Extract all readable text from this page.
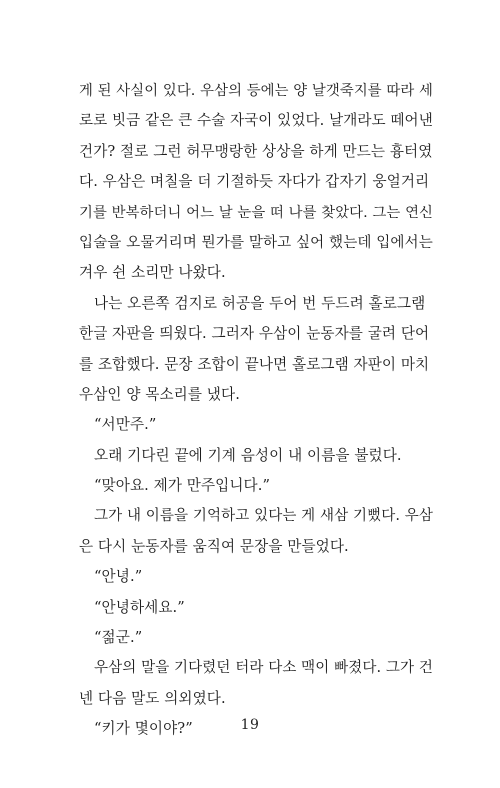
게 된 사실이 있다. 우삼의 등에는 양 날갯죽지를 따라 세
로로 빗금 같은 큰 수술 자국이 있었다. 날개라도 떼어낸
건가? 절로 그런 허무맹랑한 상상을 하게 만드는 흉터였
다. 우삼은 며칠을 더 기절하듯 자다가 갑자기 웅얼거리
기를 반복하더니 어느 날 눈을 떠 나를 찾았다. 그는 연신
입술을 오물거리며 뭔가를 말하고 싶어 했는데 입에서는
겨우 쉰 소리만 나왔다.
나는 오른쪽 검지로 허공을 두어 번 두드려 홀로그램
한글 자판을 띄웠다. 그러자 우삼이 눈동자를 굴려 단어
를 조합했다. 문장 조합이 끝나면 홀로그램 자판이 마치
우삼인 양 목소리를 냈다.
“서만주.”
오래 기다린 끝에 기계 음성이 내 이름을 불렀다.
“맞아요. 제가 만주입니다.”
그가 내 이름을 기억하고 있다는 게 새삼 기뻤다. 우삼
은 다시 눈동자를 움직여 문장을 만들었다.
“안녕.”
“안녕하세요.”
“젊군.”
우삼의 말을 기다렸던 터라 다소 맥이 빠졌다. 그가 건
넨 다음 말도 의외였다.
“키가 몇이야?”	19
